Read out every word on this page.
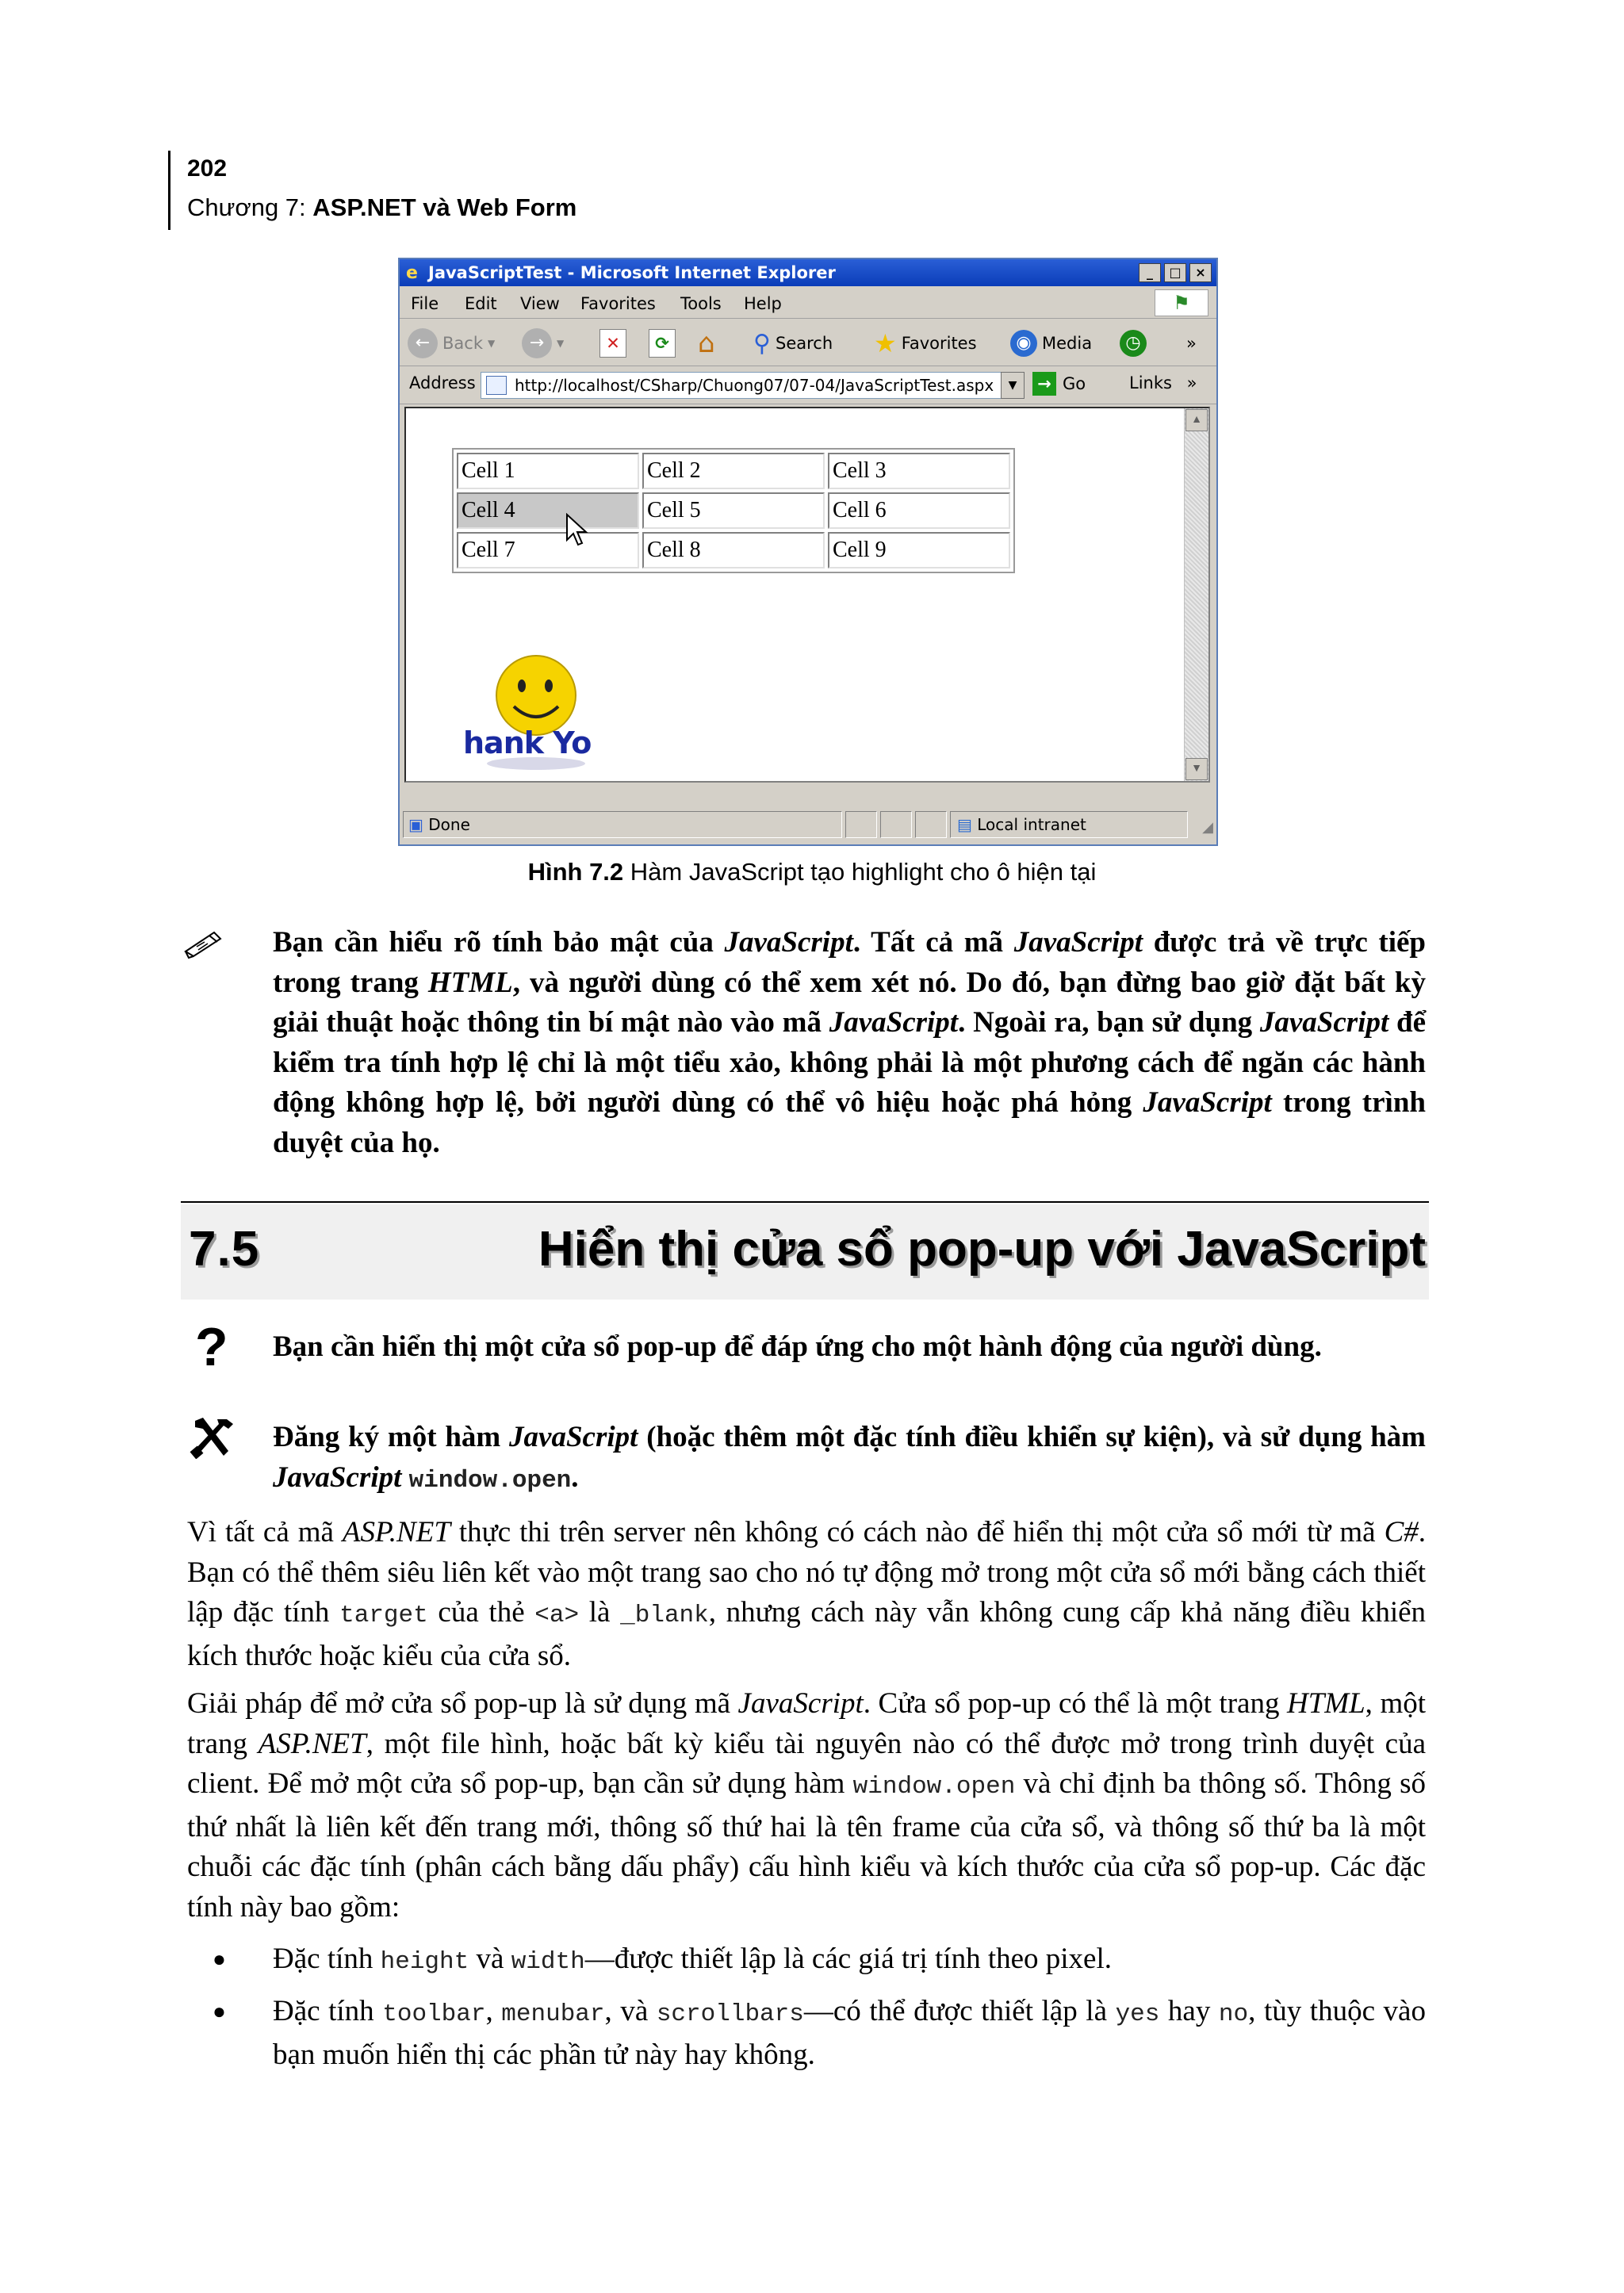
202
Chương 7: ASP.NET và Web Form
e JavaScriptTest - Microsoft Internet Explorer	_	□	×
File Edit View Favorites Tools Help	⚑
← Back ▼	→	▼	✕	⟳ ⌂ ⚲ Search ★ Favorites	◉ Media	◷	»
Address	http://localhost/CSharp/Chuong07/07-04/JavaScriptTest.aspx	▼	→ Go	Links »
Cell 1	Cell 2	Cell 3
Cell 4	Cell 5	Cell 6
Cell 7	Cell 8	Cell 9
hank Yo
▲
▼
▣ Done	▤ Local intranet	◢
Hình 7.2 Hàm JavaScript tạo highlight cho ô hiện tại
Bạn cần hiểu rõ tính bảo mật của JavaScript. Tất cả mã JavaScript được trả về trực tiếp trong trang HTML, và người dùng có thể xem xét nó. Do đó, bạn đừng bao giờ đặt bất kỳ giải thuật hoặc thông tin bí mật nào vào mã JavaScript. Ngoài ra, bạn sử dụng JavaScript để kiểm tra tính hợp lệ chỉ là một tiểu xảo, không phải là một phương cách để ngăn các hành động không hợp lệ, bởi người dùng có thể vô hiệu hoặc phá hỏng JavaScript trong trình duyệt của họ.
7.5	Hiển thị cửa sổ pop-up với JavaScript
? Bạn cần hiển thị một cửa sổ pop-up để đáp ứng cho một hành động của người dùng.
Đăng ký một hàm JavaScript (hoặc thêm một đặc tính điều khiển sự kiện), và sử dụng hàm JavaScript window.open.
Vì tất cả mã ASP.NET thực thi trên server nên không có cách nào để hiển thị một cửa sổ mới từ mã C#. Bạn có thể thêm siêu liên kết vào một trang sao cho nó tự động mở trong một cửa sổ mới bằng cách thiết lập đặc tính target của thẻ <a> là _blank, nhưng cách này vẫn không cung cấp khả năng điều khiển kích thước hoặc kiểu của cửa sổ.
Giải pháp để mở cửa sổ pop-up là sử dụng mã JavaScript. Cửa sổ pop-up có thể là một trang HTML, một trang ASP.NET, một file hình, hoặc bất kỳ kiểu tài nguyên nào có thể được mở trong trình duyệt của client. Để mở một cửa sổ pop-up, bạn cần sử dụng hàm window.open và chỉ định ba thông số. Thông số thứ nhất là liên kết đến trang mới, thông số thứ hai là tên frame của cửa sổ, và thông số thứ ba là một chuỗi các đặc tính (phân cách bằng dấu phẩy) cấu hình kiểu và kích thước của cửa sổ pop-up. Các đặc tính này bao gồm:
● Đặc tính height và width—được thiết lập là các giá trị tính theo pixel.
● Đặc tính toolbar, menubar, và scrollbars—có thể được thiết lập là yes hay no, tùy thuộc vào bạn muốn hiển thị các phần tử này hay không.
